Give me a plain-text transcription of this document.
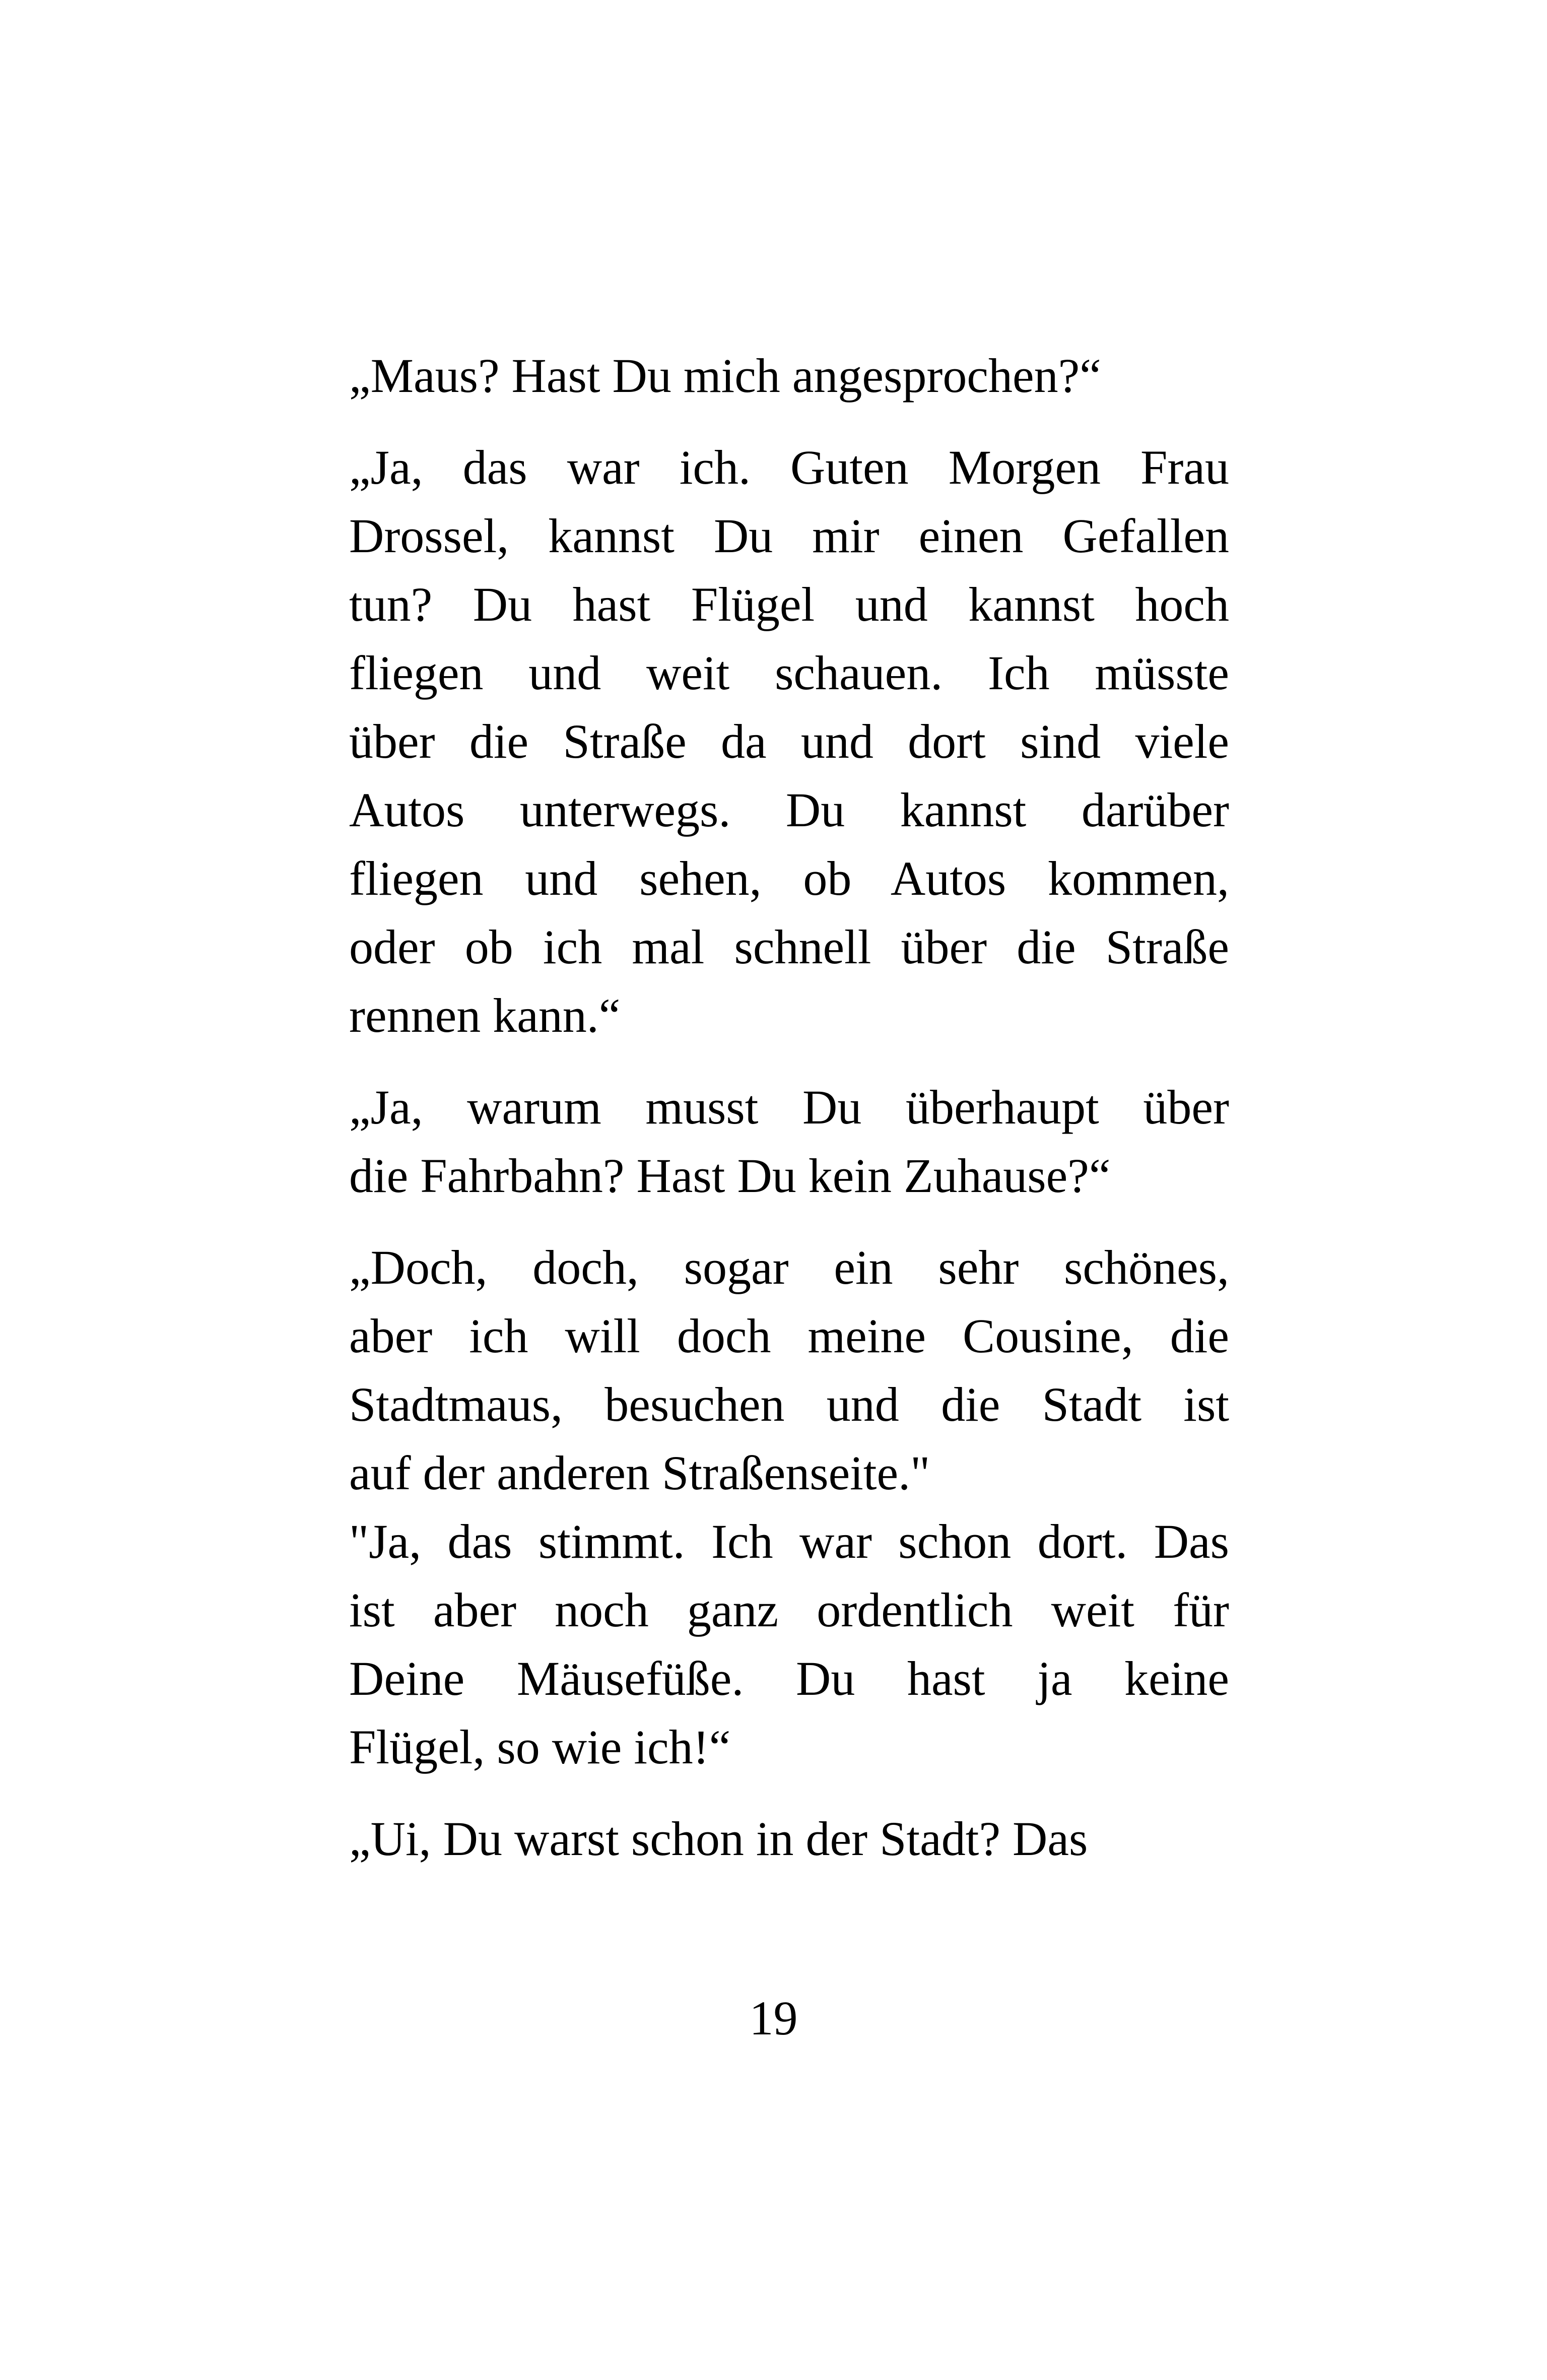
„Maus? Hast Du mich angesprochen?“
„Ja, das war ich. Guten Morgen Frau
Drossel, kannst Du mir einen Gefallen
tun? Du hast Flügel und kannst hoch
fliegen und weit schauen. Ich müsste
über die Straße da und dort sind viele
Autos unterwegs. Du kannst darüber
fliegen und sehen, ob Autos kommen,
oder ob ich mal schnell über die Straße
rennen kann.“
„Ja, warum musst Du überhaupt über
die Fahrbahn? Hast Du kein Zuhause?“
„Doch, doch, sogar ein sehr schönes,
aber ich will doch meine Cousine, die
Stadtmaus, besuchen und die Stadt ist
auf der anderen Straßenseite."
"Ja, das stimmt. Ich war schon dort. Das
ist aber noch ganz ordentlich weit für
Deine Mäusefüße. Du hast ja keine
Flügel, so wie ich!“
„Ui, Du warst schon in der Stadt? Das
19
